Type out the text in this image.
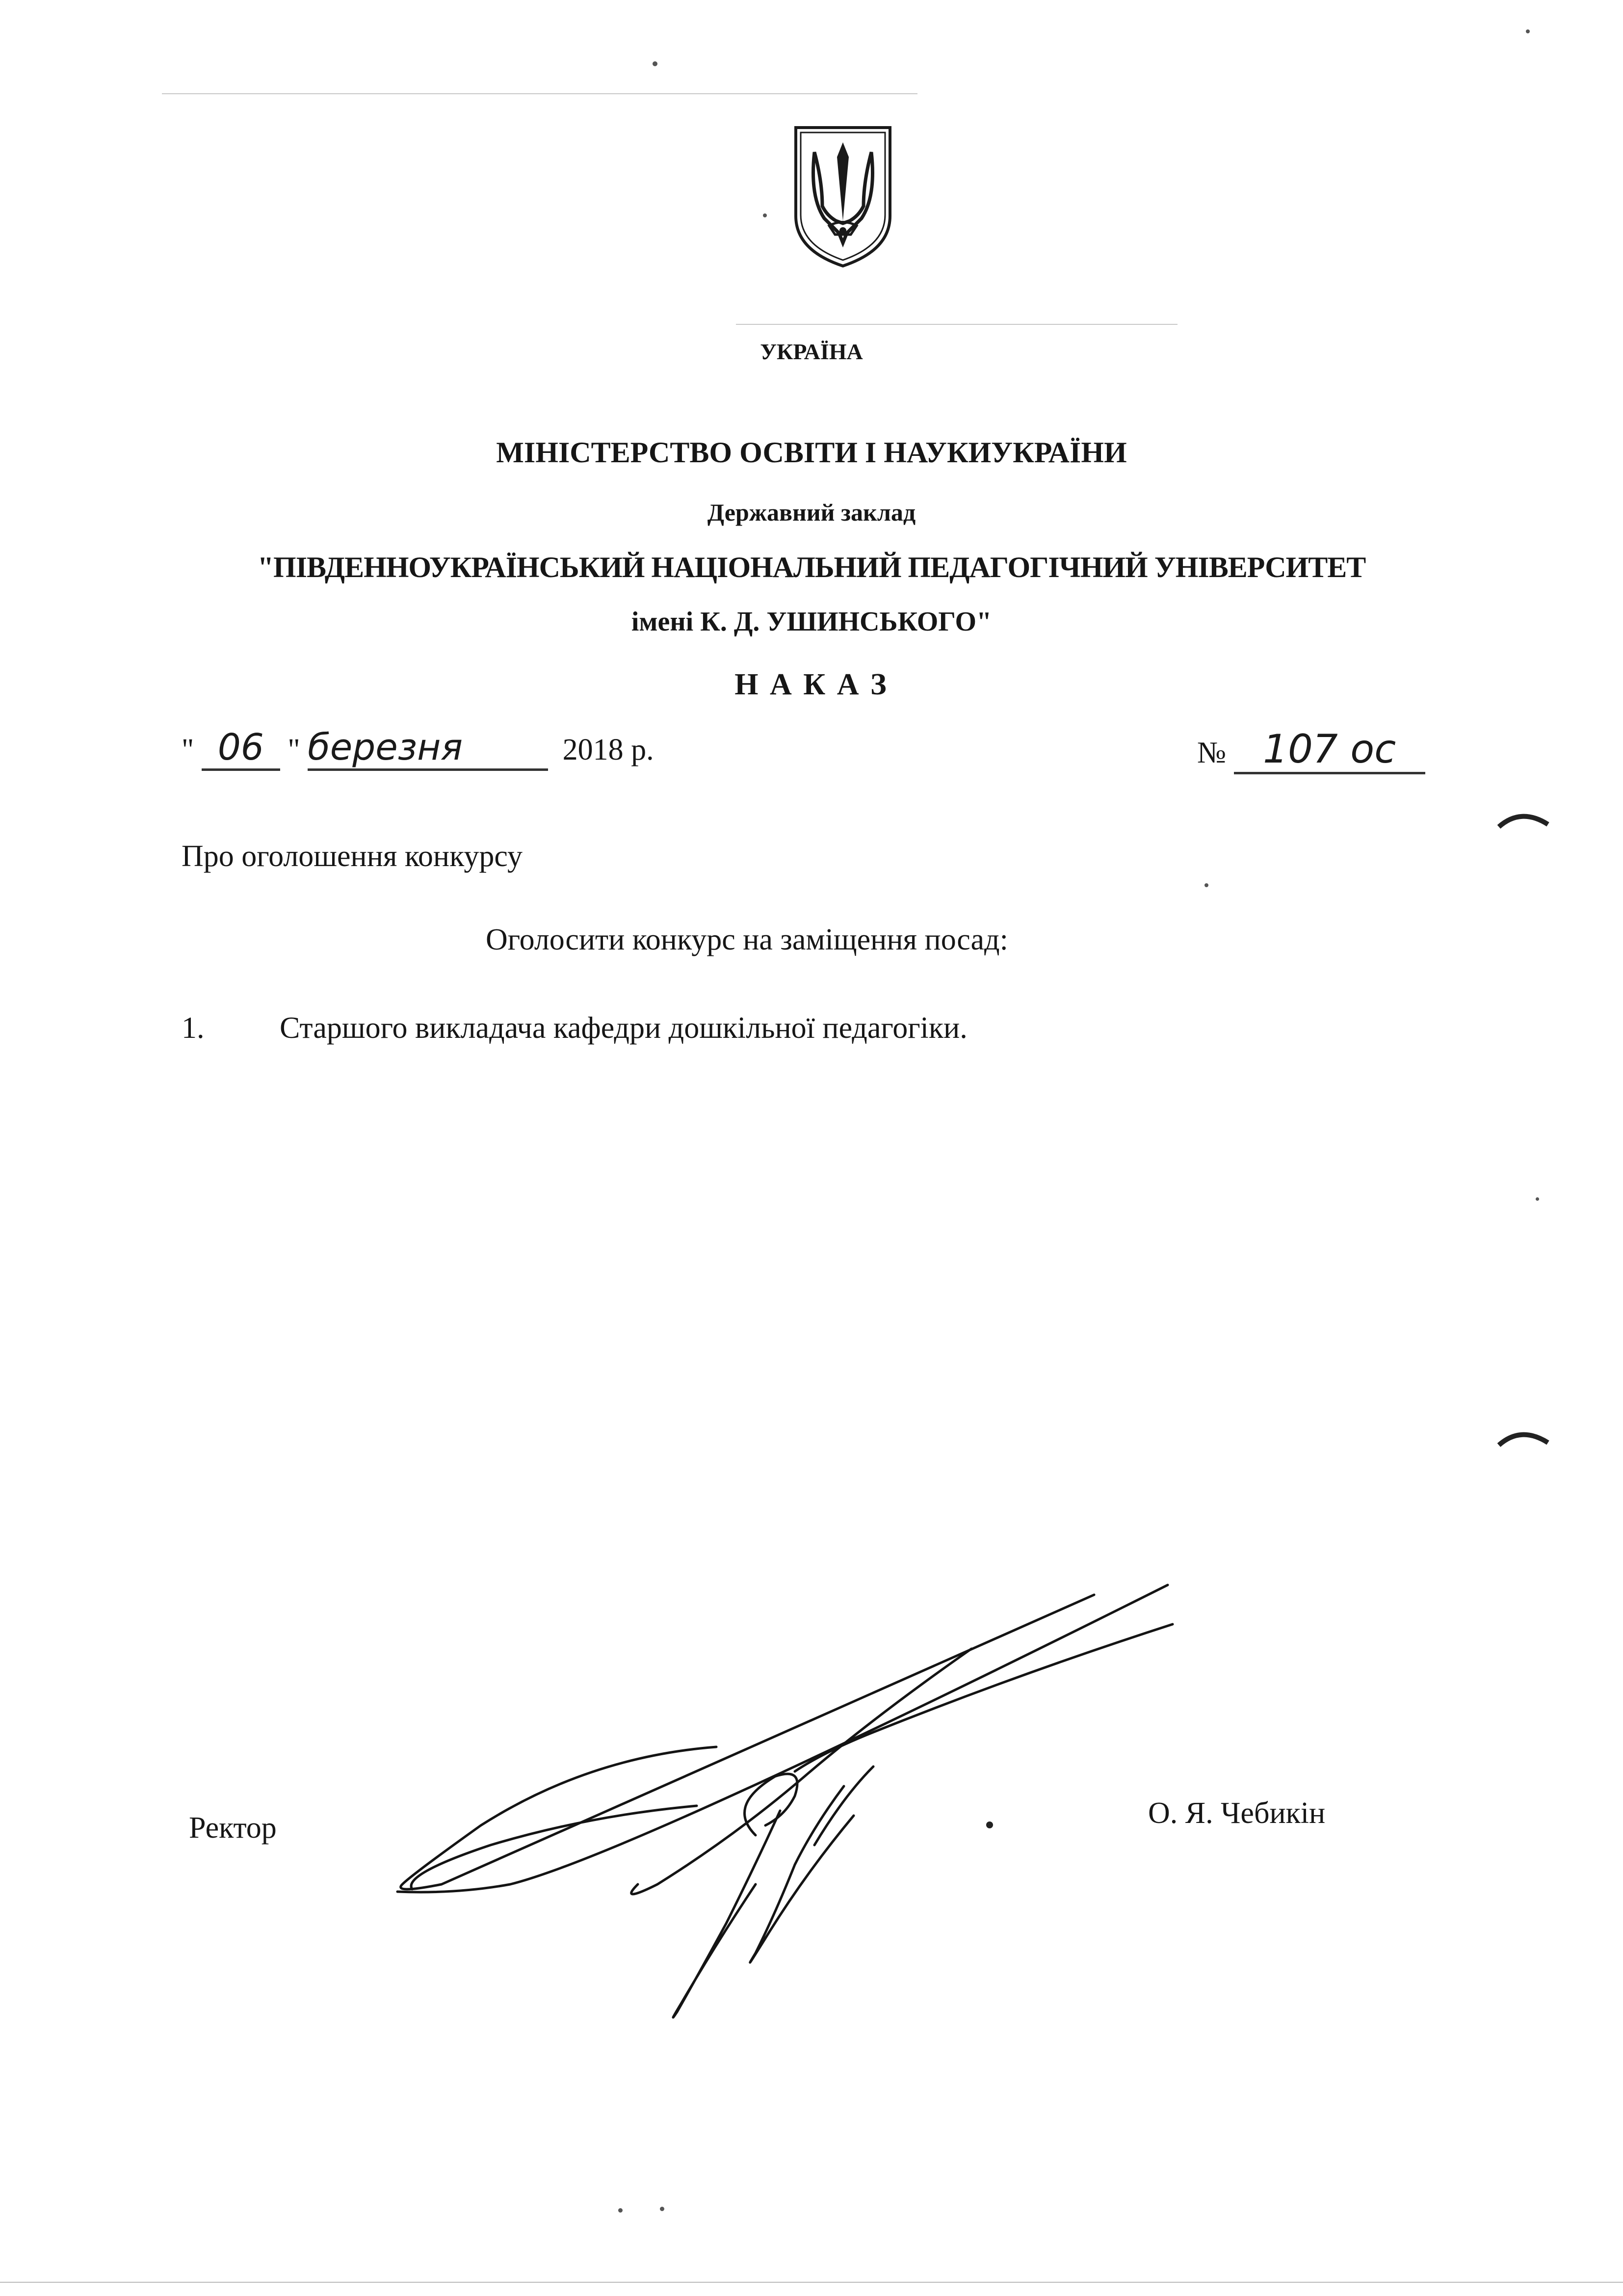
УКРАЇНА
МІНІСТЕРСТВО ОСВІТИ І НАУКИУКРАЇНИ
Державний заклад
"ПІВДЕННОУКРАЇНСЬКИЙ НАЦІОНАЛЬНИЙ ПЕДАГОГІЧНИЙ УНІВЕРСИТЕТ
імені К. Д. УШИНСЬКОГО"
Н А К А З
" 06 " березня	2018 р.	№ 107 ос
Про оголошення конкурсу
Оголосити конкурс на заміщення посад:
1. Старшого викладача кафедри дошкільної педагогіки.
Ректор	О. Я. Чебикін
